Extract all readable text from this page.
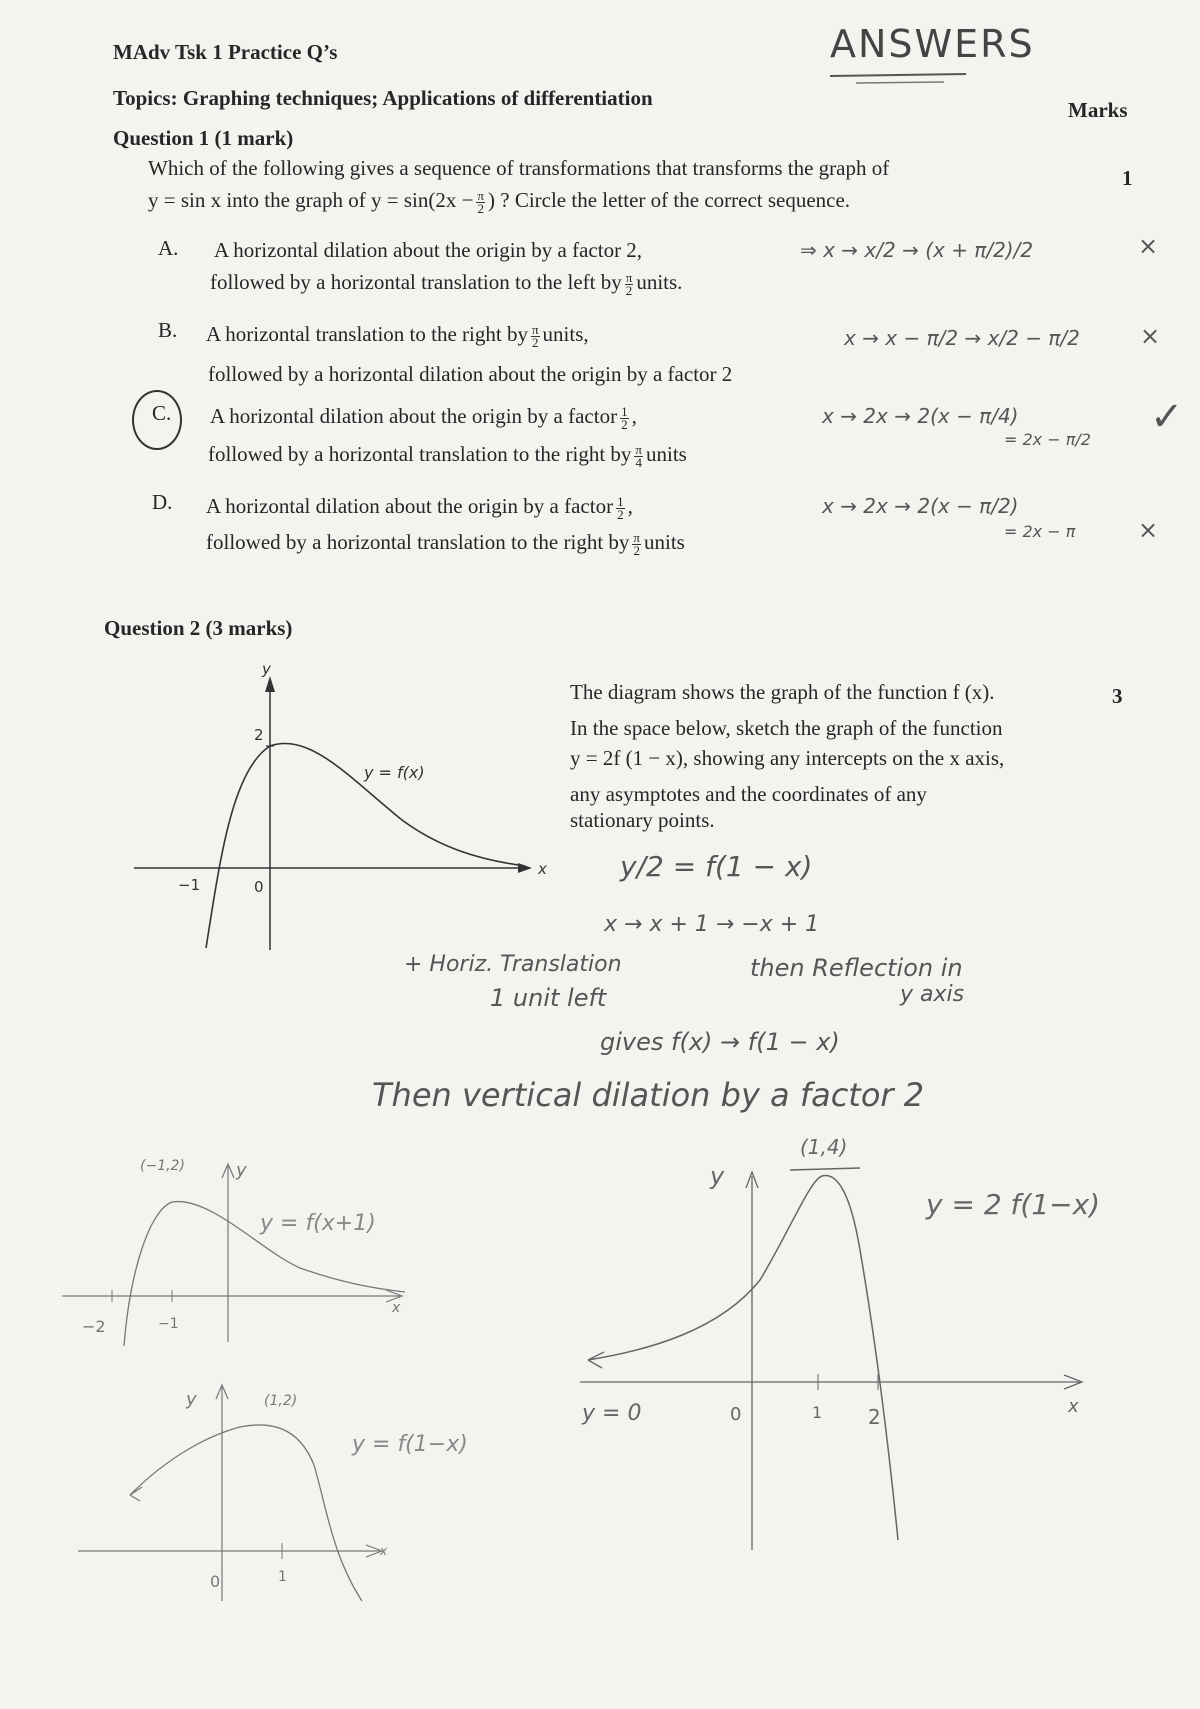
MAdv Tsk 1 Practice Q’s	ANSWERS
Topics: Graphing techniques; Applications of differentiation	Marks
Question 1 (1 mark)
1
Which of the following gives a sequence of transformations that transforms the graph of
y = sin x into the graph of $y = \sin(2x - \frac{\pi}{2}$ ) ? Circle the letter of the correct sequence.
A. A horizontal dilation about the origin by a factor 2,
followed by a horizontal translation to the left by $\frac{\pi}{2}$ units.
B. A horizontal translation to the right by $\frac{\pi}{2}$ units,
followed by a horizontal dilation about the origin by a factor 2
C. A horizontal dilation about the origin by a factor $\frac{1}{2}$ ,
followed by a horizontal translation to the right by $\frac{\pi}{4}$ units
D. A horizontal dilation about the origin by a factor $\frac{1}{2}$ ,
followed by a horizontal translation to the right by $\frac{\pi}{2}$ units
⇒ x → x/2 → (x + π/2)/2	×
x → x − π/2 → x/2 − π/2	×
x → 2x → 2(x − π/4)
= 2x − π/2 ✓
x → 2x → 2(x − π/2)
= 2x − π	×
Question 2 (3 marks)
3
The diagram shows the graph of the function f (x).
In the space below, sketch the graph of the function
y = 2f (1 − x), showing any intercepts on the x axis,
any asymptotes and the coordinates of any
stationary points.
y
x
2
−1	0
y = f(x)
y/2 = f(1 − x)
x → x + 1 → −x + 1
+ Horiz. Translation
1 unit left
then Reflection in
y axis
gives f(x) → f(1 − x)
Then vertical dilation by a factor 2
(−1,2)	y
y = f(x+1)
−2	−1
x
(1,2)
y
y = f(1−x)
0	1
x
(1,4)
y
y = 2 f(1−x)
y = 0	0	1 2	x
